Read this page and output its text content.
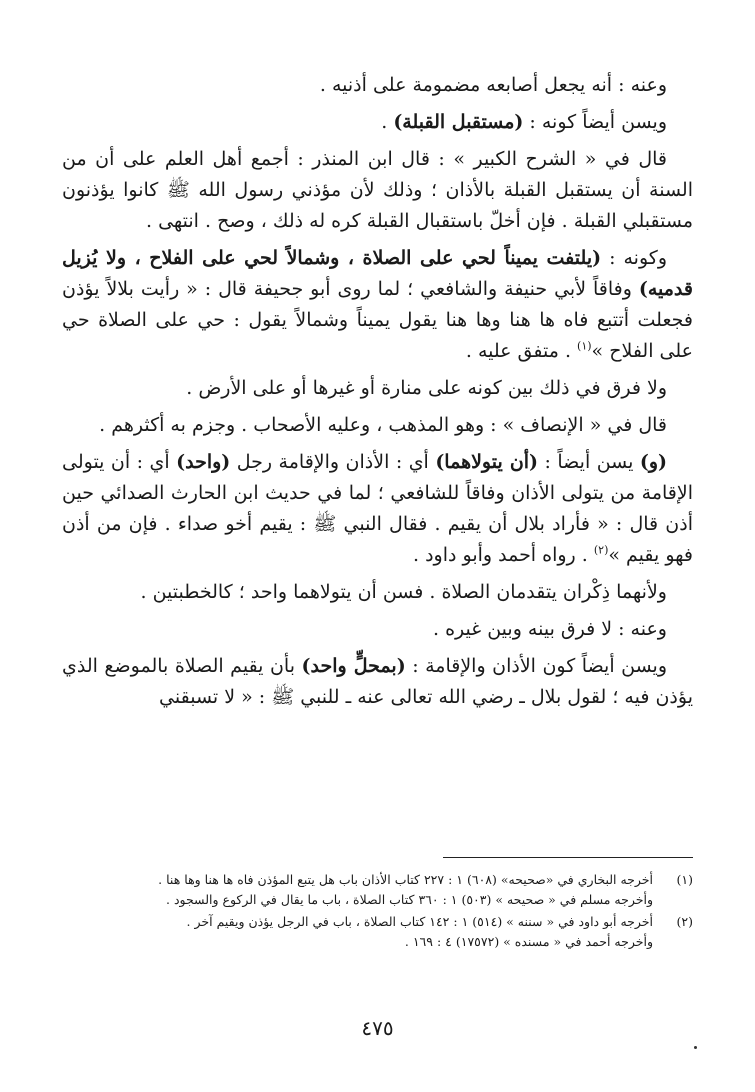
وعنه : أنه يجعل أصابعه مضمومة على أذنيه .

ويسن أيضاً كونه : (مستقبل القبلة) .

قال في « الشرح الكبير » : قال ابن المنذر : أجمع أهل العلم على أن من السنة أن يستقبل القبلة بالأذان ؛ وذلك لأن مؤذني رسول الله ﷺ كانوا يؤذنون مستقبلي القبلة . فإن أخلّ باستقبال القبلة كره له ذلك ، وصح . انتهى .

وكونه : (يلتفت يميناً لحي على الصلاة ، وشمالاً لحي على الفلاح ، ولا يُزيل قدميه) وفاقاً لأبي حنيفة والشافعي ؛ لما روى أبو جحيفة قال : « رأيت بلالاً يؤذن فجعلت أتتبع فاه ها هنا وها هنا يقول يميناً وشمالاً يقول : حي على الصلاة حي على الفلاح »$^{(١)}$ . متفق عليه .

ولا فرق في ذلك بين كونه على منارة أو غيرها أو على الأرض .

قال في « الإنصاف » : وهو المذهب ، وعليه الأصحاب . وجزم به أكثرهم .

(و) يسن أيضاً : (أن يتولاهما) أي : الأذان والإقامة رجل (واحد) أي : أن يتولى الإقامة من يتولى الأذان وفاقاً للشافعي ؛ لما في حديث ابن الحارث الصدائي حين أذن قال : « فأراد بلال أن يقيم . فقال النبي ﷺ : يقيم أخو صداء . فإن من أذن فهو يقيم »$^{(٢)}$ . رواه أحمد وأبو داود .

ولأنهما ذِكْران يتقدمان الصلاة . فسن أن يتولاهما واحد ؛ كالخطبتين .

وعنه : لا فرق بينه وبين غيره .

ويسن أيضاً كون الأذان والإقامة : (بمحلٍّ واحد) بأن يقيم الصلاة بالموضع الذي يؤذن فيه ؛ لقول بلال ـ رضي الله تعالى عنه ـ للنبي ﷺ : « لا تسبقني

(١)

أخرجه البخاري في «صحيحه» (٦٠٨) ١ : ٢٢٧ كتاب الأذان باب هل يتبع المؤذن فاه ها هنا وها هنا .

وأخرجه مسلم في « صحيحه » (٥٠٣) ١ : ٣٦٠ كتاب الصلاة ، باب ما يقال في الركوع والسجود .

(٢)

أخرجه أبو داود في « سننه » (٥١٤) ١ : ١٤٢ كتاب الصلاة ، باب في الرجل يؤذن ويقيم آخر .

وأخرجه أحمد في « مسنده » (١٧٥٧٢) ٤ : ١٦٩ .

٤٧٥
